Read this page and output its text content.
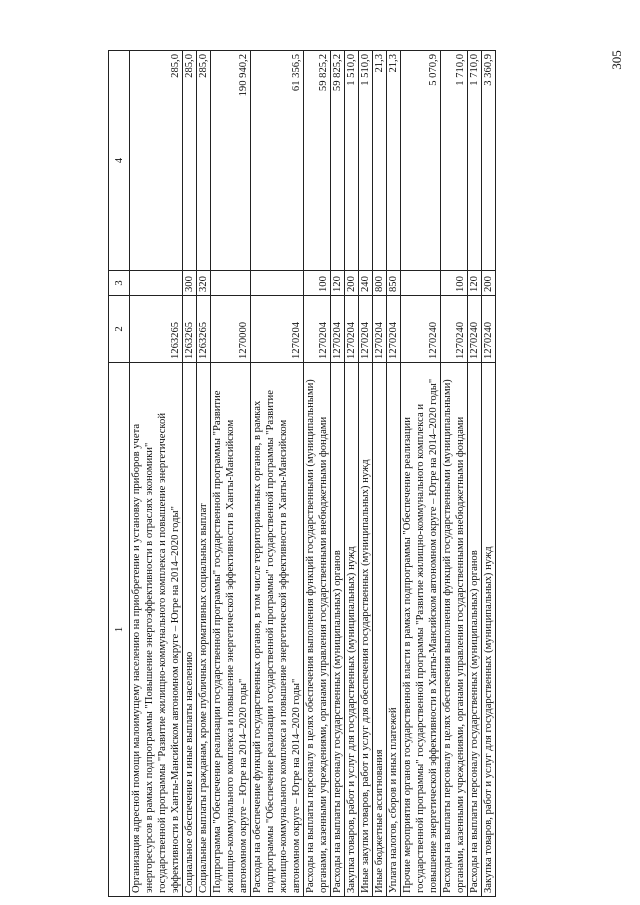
305
1	2	3	4
Организация адресной помощи малоимущему населению на приобретение и установку приборов учета энергоресурсов в рамках подпрограммы "Повышение энергоэффективности в отраслях экономики" государственной программы "Развитие жилищно-коммунального комплекса и повышение энергетической эффективности в Ханты-Мансийском автономном округе – Югре на 2014–2020 годы"	1263265		285,0
Социальное обеспечение и иные выплаты населению	1263265	300	285,0
Социальные выплаты гражданам, кроме публичных нормативных социальных выплат	1263265	320	285,0
Подпрограмма "Обеспечение реализации государственной программы" государственной программы "Развитие жилищно-коммунального комплекса и повышение энергетической эффективности в Ханты-Мансийском автономном округе – Югре на 2014–2020 годы"	1270000		190 940,2
Расходы на обеспечение функций государственных органов, в том числе территориальных органов, в рамках подпрограммы "Обеспечение реализации государственной программы" государственной программы "Развитие жилищно-коммунального комплекса и повышение энергетической эффективности в Ханты-Мансийском автономном округе – Югре на 2014–2020 годы"	1270204		61 356,5
Расходы на выплаты персоналу в целях обеспечения выполнения функций государственными (муниципальными) органами, казенными учреждениями, органами управления государственными внебюджетными фондами	1270204	100	59 825,2
Расходы на выплаты персоналу государственных (муниципальных) органов	1270204	120	59 825,2
Закупка товаров, работ и услуг для государственных (муниципальных) нужд	1270204	200	1 510,0
Иные закупки товаров, работ и услуг для обеспечения государственных (муниципальных) нужд	1270204	240	1 510,0
Иные бюджетные ассигнования	1270204	800	21,3
Уплата налогов, сборов и иных платежей	1270204	850	21,3
Прочие мероприятия органов государственной власти в рамках подпрограммы "Обеспечение реализации государственной программы" государственной программы "Развитие жилищно-коммунального комплекса и повышение энергетической эффективности в Ханты-Мансийском автономном округе – Югре на 2014–2020 годы"	1270240		5 070,9
Расходы на выплаты персоналу в целях обеспечения выполнения функций государственными (муниципальными) органами, казенными учреждениями, органами управления государственными внебюджетными фондами	1270240	100	1 710,0
Расходы на выплаты персоналу государственных (муниципальных) органов	1270240	120	1 710,0
Закупка товаров, работ и услуг для государственных (муниципальных) нужд	1270240	200	3 360,9
